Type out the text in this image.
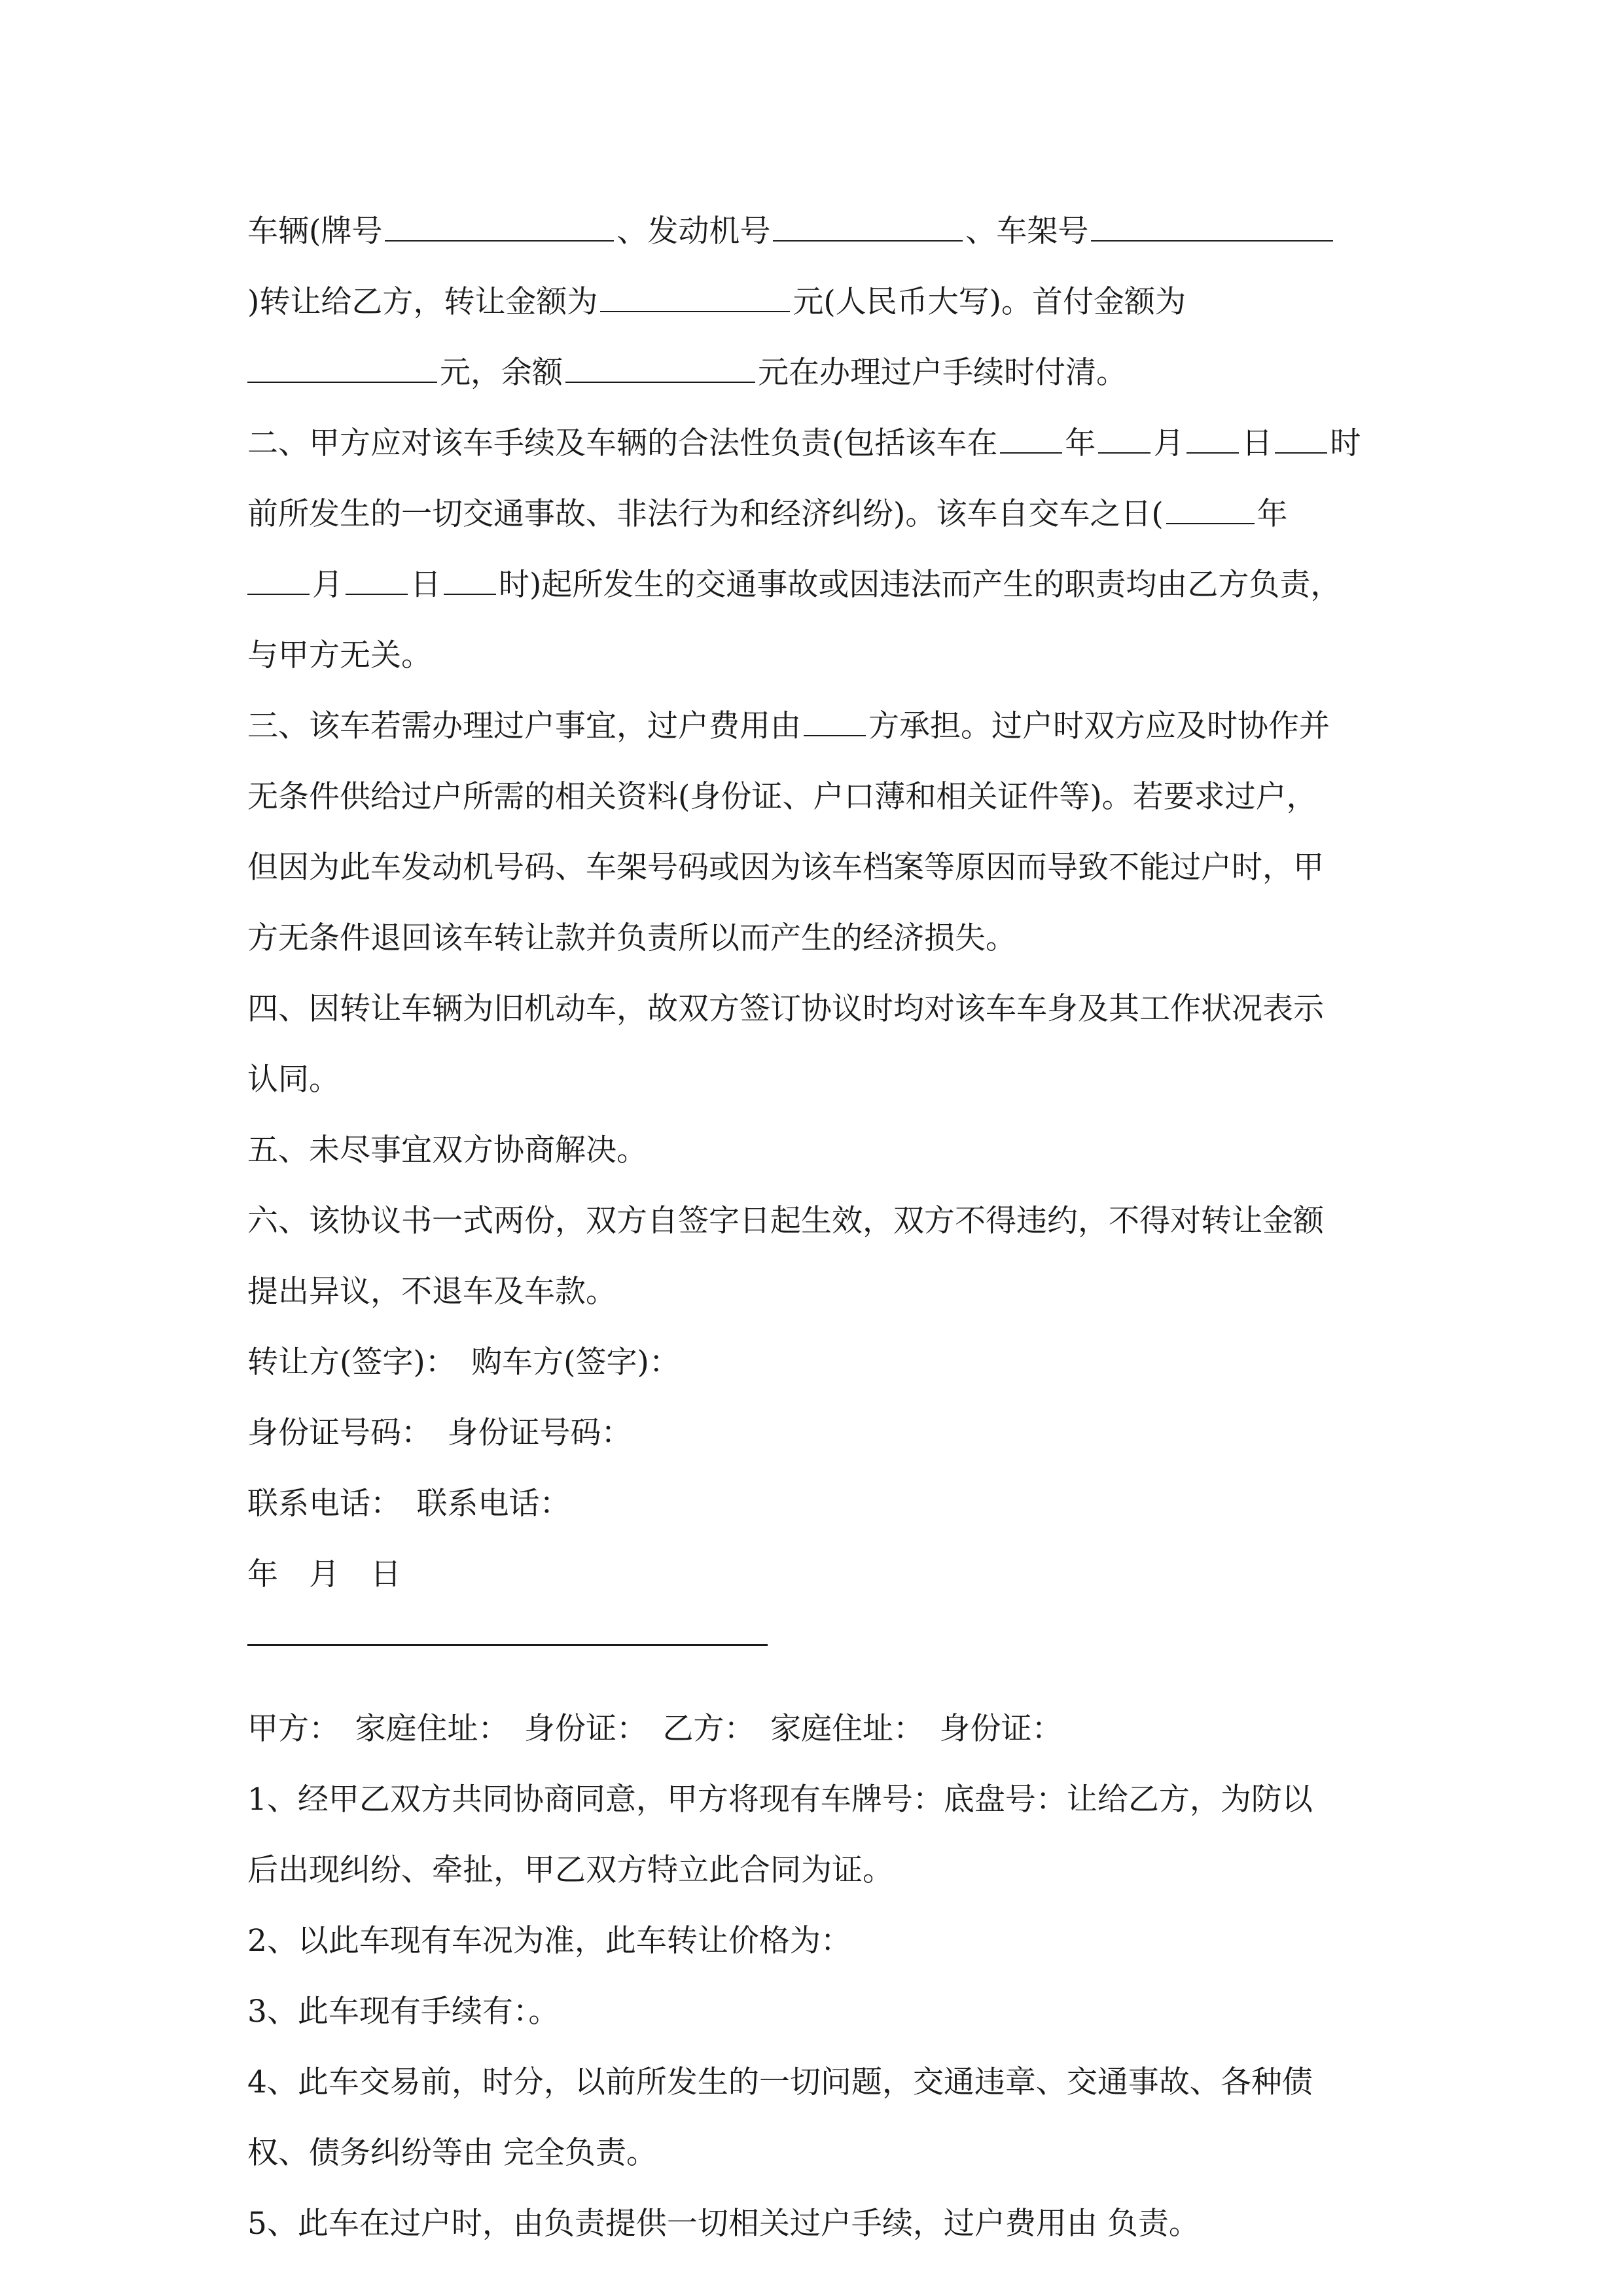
车辆(牌号	、发动机号	、车架号
)转让给乙方，转让金额为	元(人民币大写)。首付金额为
元，余额	元在办理过户手续时付清。
二、甲方应对该车手续及车辆的合法性负责(包括该车在 年 月 日 时
前所发生的一切交通事故、非法行为和经济纠纷)。该车自交车之日(	年
月 日 时)起所发生的交通事故或因违法而产生的职责均由乙方负责，
与甲方无关。
三、该车若需办理过户事宜，过户费用由 方承担。过户时双方应及时协作并
无条件供给过户所需的相关资料(身份证、户口薄和相关证件等)。若要求过户，
但因为此车发动机号码、车架号码或因为该车档案等原因而导致不能过户时，甲
方无条件退回该车转让款并负责所以而产生的经济损失。
四、因转让车辆为旧机动车，故双方签订协议时均对该车车身及其工作状况表示
认同。
五、未尽事宜双方协商解决。
六、该协议书一式两份，双方自签字日起生效，双方不得违约，不得对转让金额
提出异议，不退车及车款。
转让方(签字)：　购车方(签字)：
身份证号码：　身份证号码：
联系电话：　联系电话：
年　月　日
甲方：　家庭住址：　身份证：　乙方：　家庭住址：　身份证：
1、经甲乙双方共同协商同意，甲方将现有车牌号：底盘号：让给乙方，为防以
后出现纠纷、牵扯，甲乙双方特立此合同为证。
2、以此车现有车况为准，此车转让价格为：
3、此车现有手续有：。
4、此车交易前，时分，以前所发生的一切问题，交通违章、交通事故、各种债
权、债务纠纷等由 完全负责。
5、此车在过户时，由负责提供一切相关过户手续，过户费用由 负责。
